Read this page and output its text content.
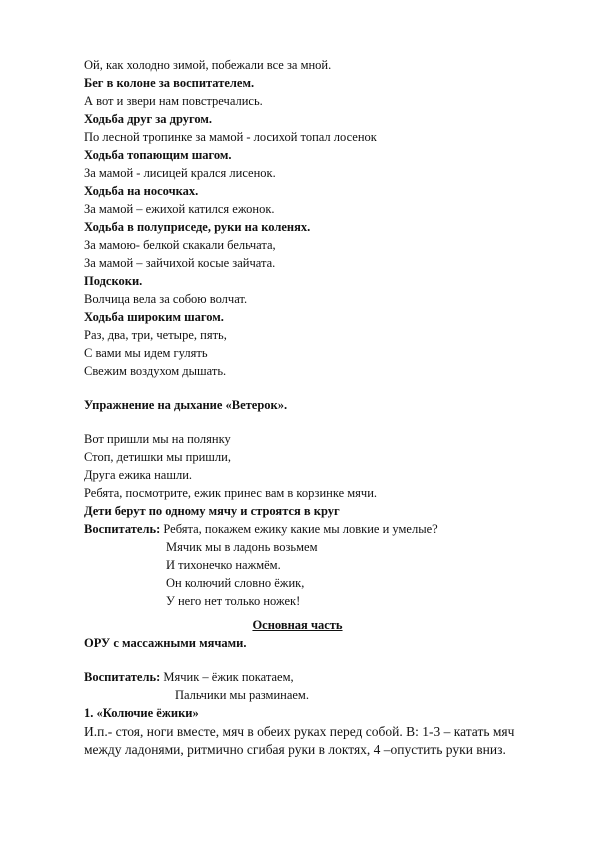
Ой, как холодно зимой, побежали все за мной.
Бег в колоне за воспитателем.
А вот и звери нам повстречались.
Ходьба друг за другом.
По лесной тропинке за мамой - лосихой топал лосенок
Ходьба топающим шагом.
За мамой - лисицей крался лисенок.
Ходьба на носочках.
За мамой – ежихой катился ежонок.
Ходьба в полуприседе, руки на коленях.
За мамою- белкой скакали бельчата,
За мамой – зайчихой косые зайчата.
Подскоки.
Волчица вела за собою волчат.
Ходьба широким шагом.
Раз, два, три, четыре, пять,
С вами мы идем гулять
Свежим воздухом дышать.
Упражнение на дыхание «Ветерок».
Вот пришли мы на полянку
Стоп, детишки мы пришли,
Друга ежика нашли.
Ребята, посмотрите, ежик принес вам в корзинке мячи.
Дети берут по одному мячу и строятся в круг
Воспитатель: Ребята, покажем ежику какие мы ловкие и умелые?
Мячик мы в ладонь возьмем
И тихонечко нажмём.
Он колючий словно ёжик,
У него нет только ножек!
Основная часть
ОРУ с массажными мячами.
Воспитатель: Мячик – ёжик покатаем,
Пальчики мы разминаем.
1. «Колючие ёжики»
И.п.- стоя, ноги вместе, мяч в обеих руках перед собой. В: 1-3 – катать мяч
между ладонями, ритмично сгибая руки в локтях, 4 –опустить руки вниз.
